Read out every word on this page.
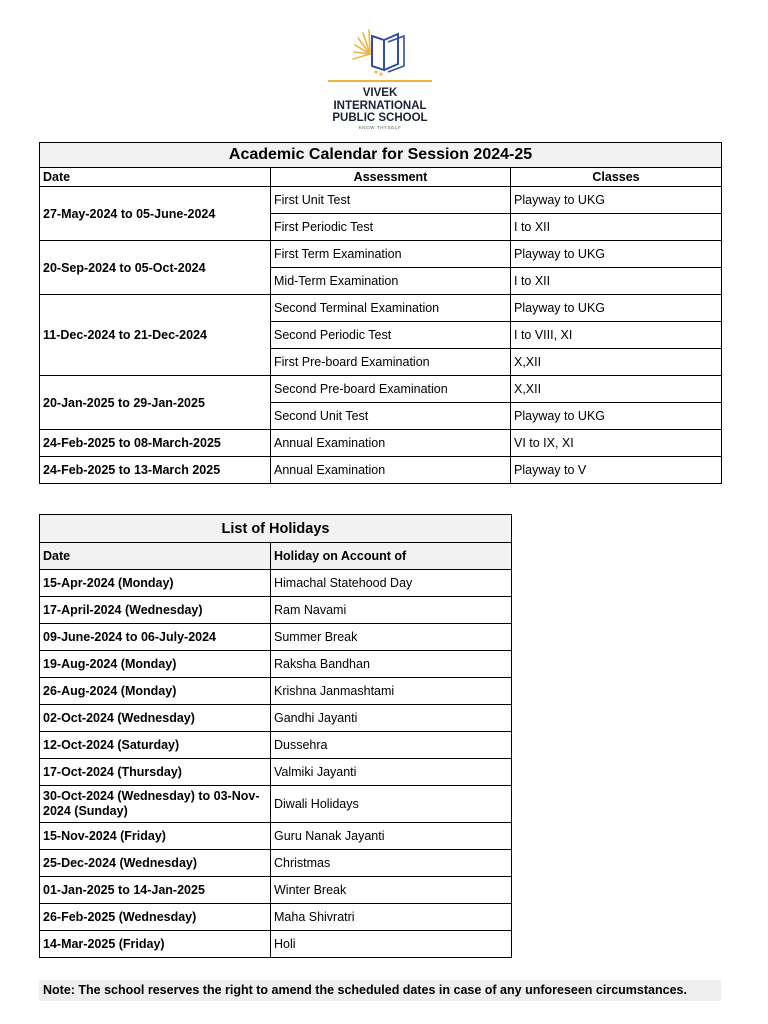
VIVEK
INTERNATIONAL
PUBLIC SCHOOL
KNOW THYSELF
Academic Calendar for Session 2024-25		
Date	Assessment	Classes
27-May-2024 to 05-June-2024	First Unit Test	Playway to UKG
	First Periodic Test	I to XII
20-Sep-2024 to 05-Oct-2024	First Term Examination	Playway to UKG
	Mid-Term Examination	I to XII
11-Dec-2024 to 21-Dec-2024	Second Terminal Examination	Playway to UKG
	Second Periodic Test	I to VIII, XI
	First Pre-board Examination	X,XII
20-Jan-2025 to 29-Jan-2025	Second Pre-board Examination	X,XII
	Second Unit Test	Playway to UKG
24-Feb-2025 to 08-March-2025	Annual Examination	VI to IX, XI
24-Feb-2025 to 13-March 2025	Annual Examination	Playway to V
List of Holidays	
Date	Holiday on Account of
15-Apr-2024 (Monday)	Himachal Statehood Day
17-April-2024 (Wednesday)	Ram Navami
09-June-2024 to 06-July-2024	Summer Break
19-Aug-2024 (Monday)	Raksha Bandhan
26-Aug-2024 (Monday)	Krishna Janmashtami
02-Oct-2024 (Wednesday)	Gandhi Jayanti
12-Oct-2024 (Saturday)	Dussehra
17-Oct-2024 (Thursday)	Valmiki Jayanti
30-Oct-2024 (Wednesday) to 03-Nov-2024 (Sunday)	Diwali Holidays
15-Nov-2024 (Friday)	Guru Nanak Jayanti
25-Dec-2024 (Wednesday)	Christmas
01-Jan-2025 to 14-Jan-2025	Winter Break
26-Feb-2025 (Wednesday)	Maha Shivratri
14-Mar-2025 (Friday)	Holi
Note: The school reserves the right to amend the scheduled dates in case of any unforeseen circumstances.
